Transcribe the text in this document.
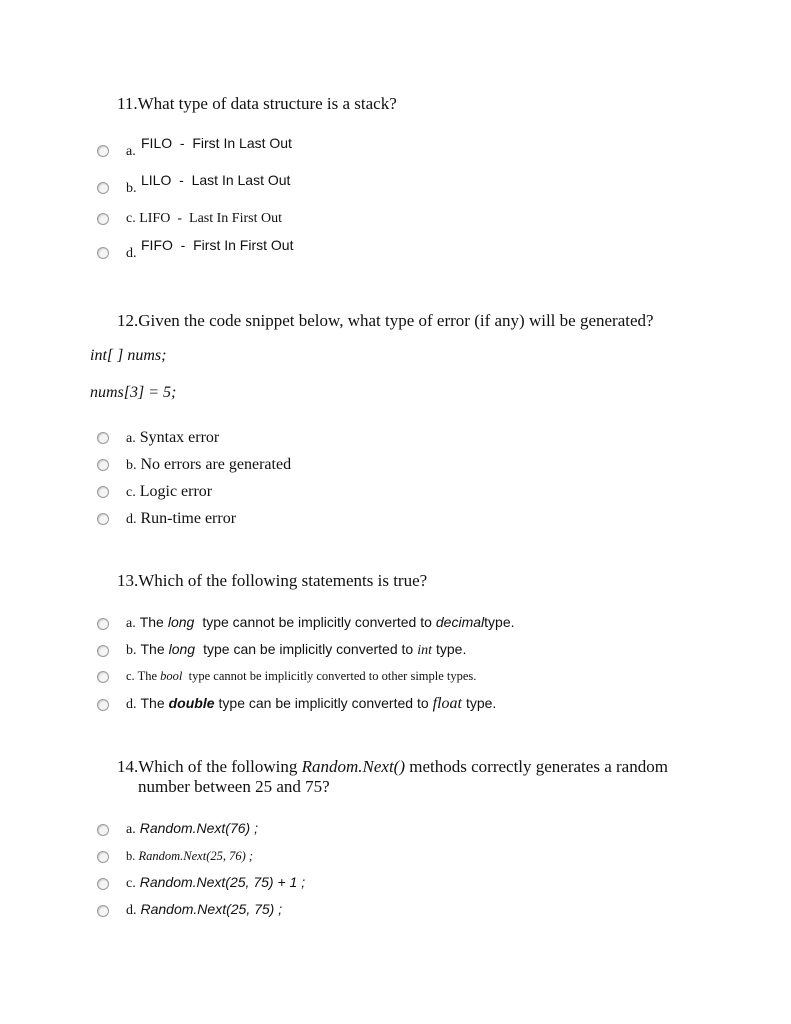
11.What type of data structure is a stack?
a.
FILO - First In Last Out
b.
LILO - Last In Last Out
c. LIFO - Last In First Out
d.
FIFO - First In First Out
12.Given the code snippet below, what type of error (if any) will be generated?
int[ ] nums;
nums[3] = 5;
a. Syntax error
b. No errors are generated
c. Logic error
d. Run-time error
13.Which of the following statements is true?
a. The long type cannot be implicitly converted to decimaltype.
b. The long type can be implicitly converted to int type.
c. The bool type cannot be implicitly converted to other simple types.
d. The double type can be implicitly converted to float type.
14.Which of the following Random.Next() methods correctly generates a random
number between 25 and 75?
a. Random.Next(76) ;
b. Random.Next(25, 76) ;
c. Random.Next(25, 75) + 1 ;
d. Random.Next(25, 75) ;
